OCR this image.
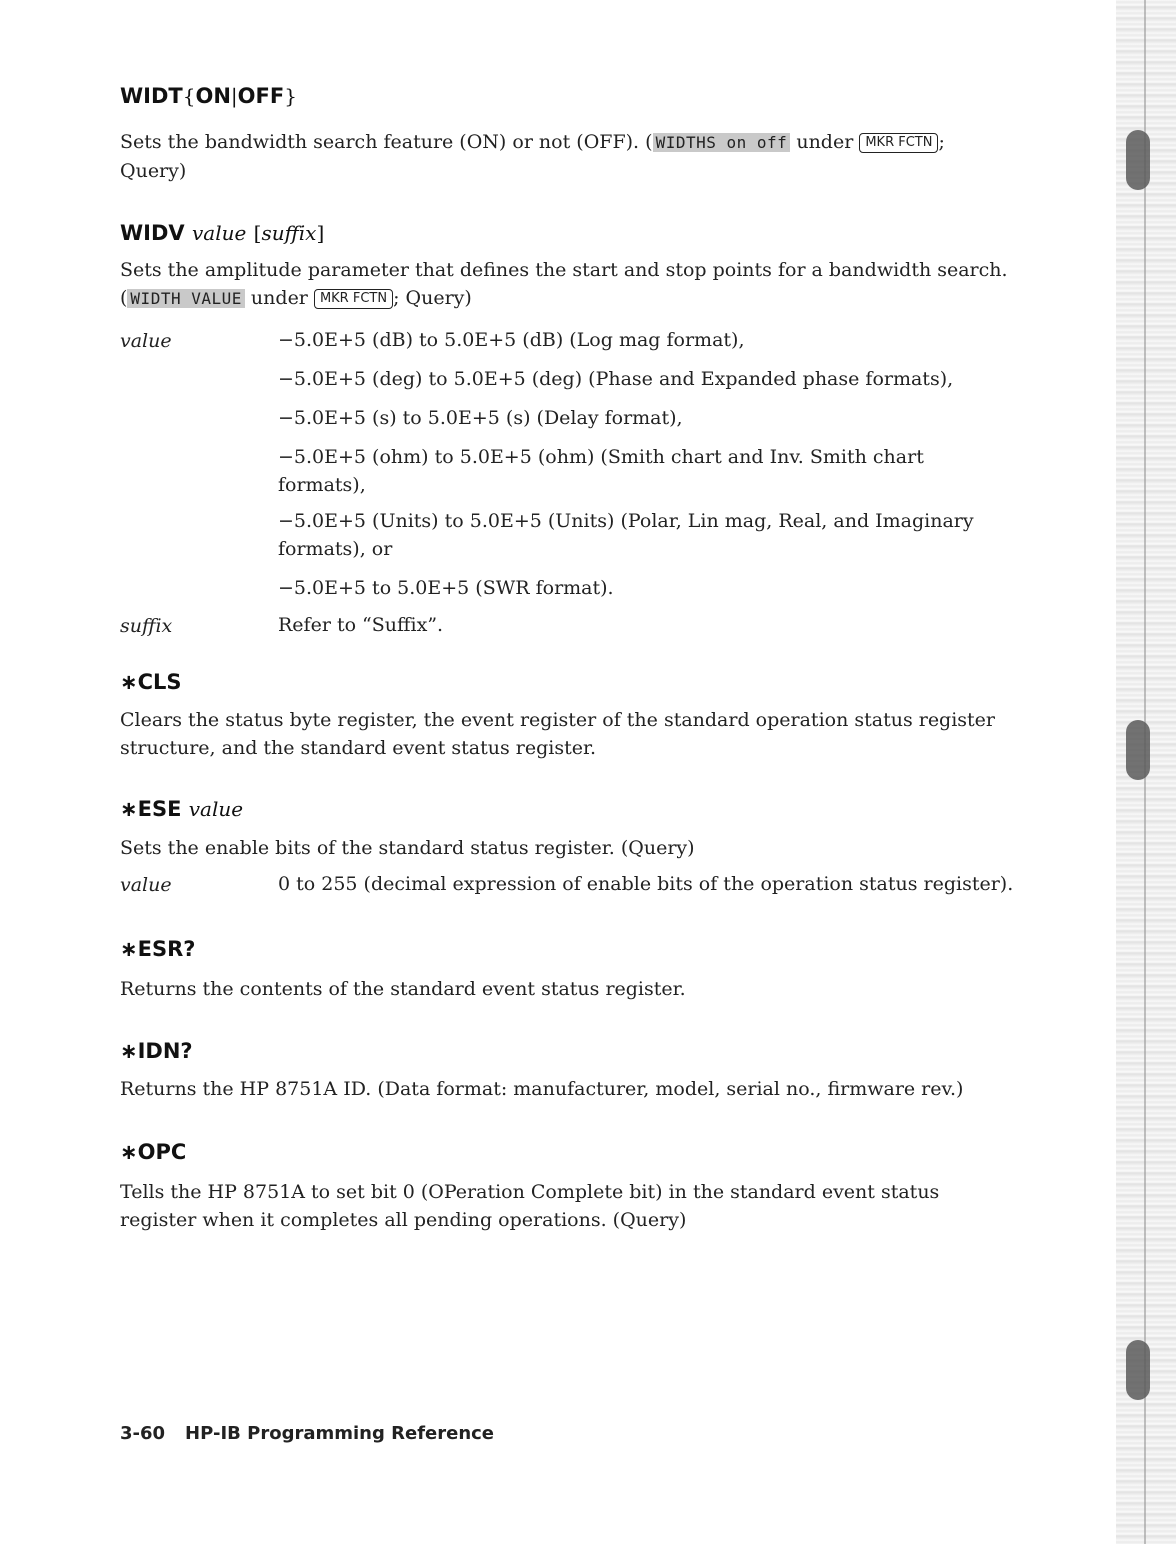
WIDT{ON|OFF}

Sets the bandwidth search feature (ON) or not (OFF). ( WIDTHS on off under MKR FCTN ;
Query)

WIDV value [suffix]

Sets the amplitude parameter that defines the start and stop points for a bandwidth search.
( WIDTH VALUE under MKR FCTN ; Query)

value	−5.0E+5 (dB) to 5.0E+5 (dB) (Log mag format),

−5.0E+5 (deg) to 5.0E+5 (deg) (Phase and Expanded phase formats),

−5.0E+5 (s) to 5.0E+5 (s) (Delay format),

−5.0E+5 (ohm) to 5.0E+5 (ohm) (Smith chart and Inv. Smith chart

formats),

−5.0E+5 (Units) to 5.0E+5 (Units) (Polar, Lin mag, Real, and Imaginary

formats), or

−5.0E+5 to 5.0E+5 (SWR format).

suffix	Refer to “Suffix”.

∗CLS

Clears the status byte register, the event register of the standard operation status register
structure, and the standard event status register.

∗ESE value

Sets the enable bits of the standard status register. (Query)

value	0 to 255 (decimal expression of enable bits of the operation status register).

∗ESR?

Returns the contents of the standard event status register.

∗IDN?

Returns the HP 8751A ID. (Data format: manufacturer, model, serial no., firmware rev.)

∗OPC

Tells the HP 8751A to set bit 0 (OPeration Complete bit) in the standard event status
register when it completes all pending operations. (Query)

3-60 HP-IB Programming Reference
